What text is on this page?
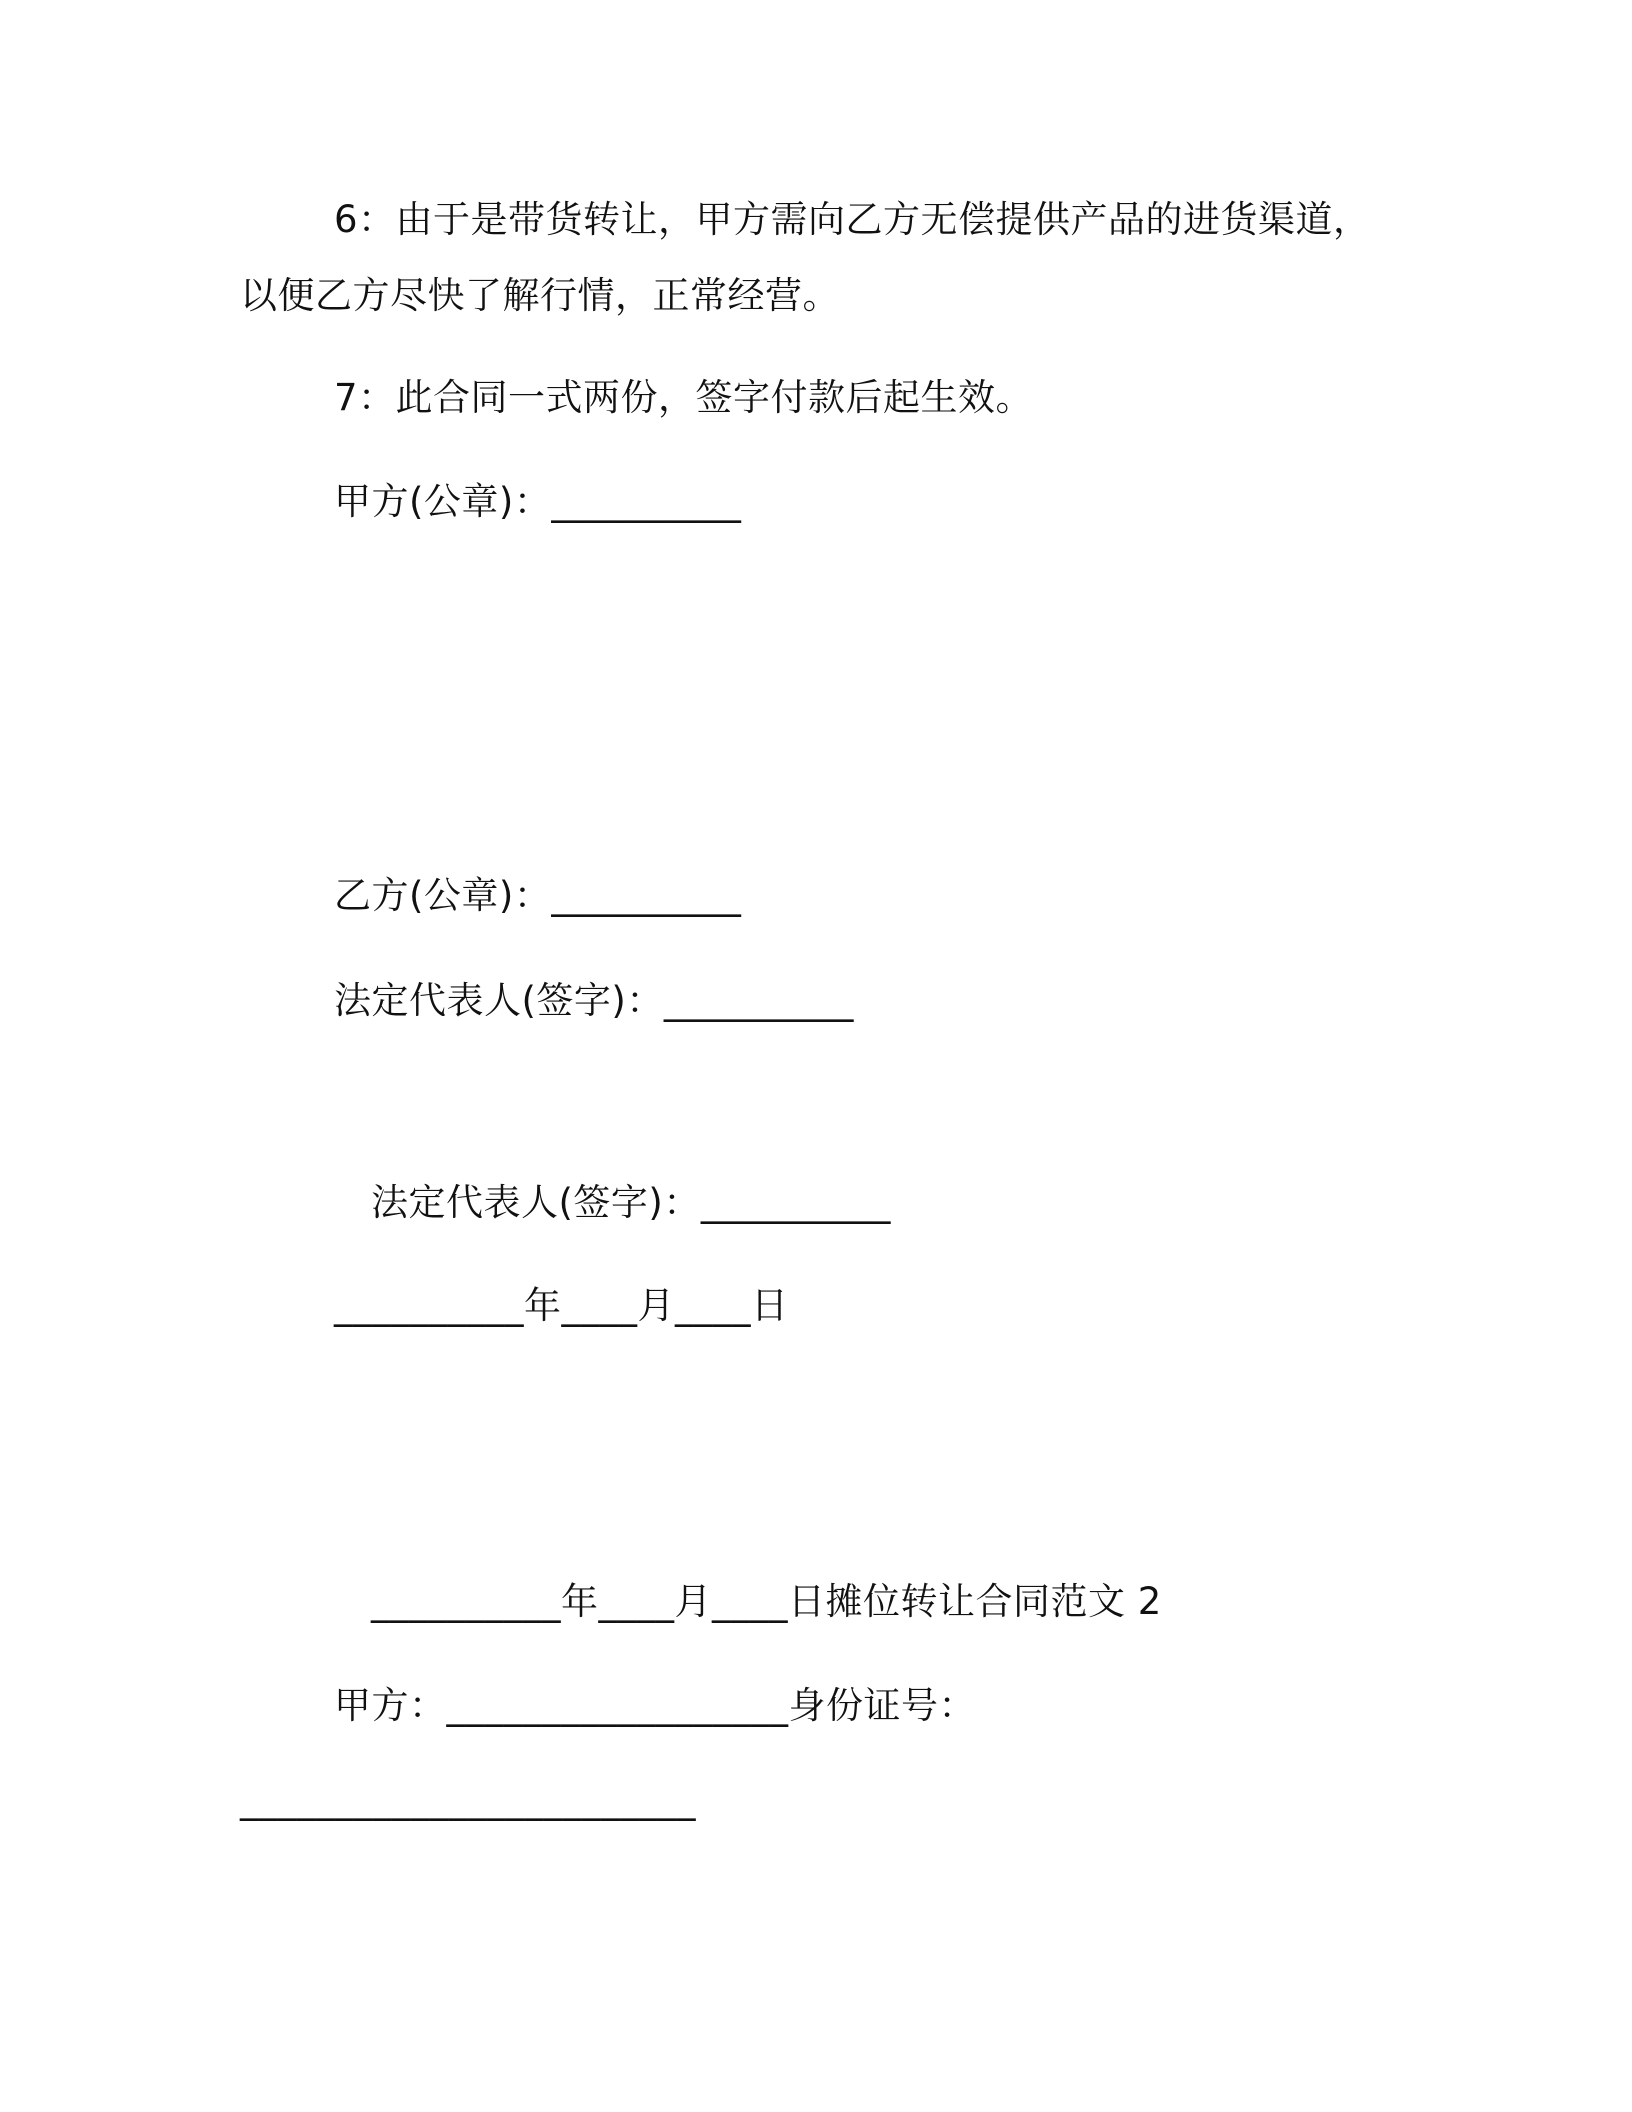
6：由于是带货转让，甲方需向乙方无偿提供产品的进货渠道，
以便乙方尽快了解行情，正常经营。
7：此合同一式两份，签字付款后起生效。
甲方(公章)：__________
乙方(公章)：__________
法定代表人(签字)：__________
法定代表人(签字)：__________
__________年____月____日
__________年____月____日摊位转让合同范文 2
甲方：__________________身份证号：
________________________
